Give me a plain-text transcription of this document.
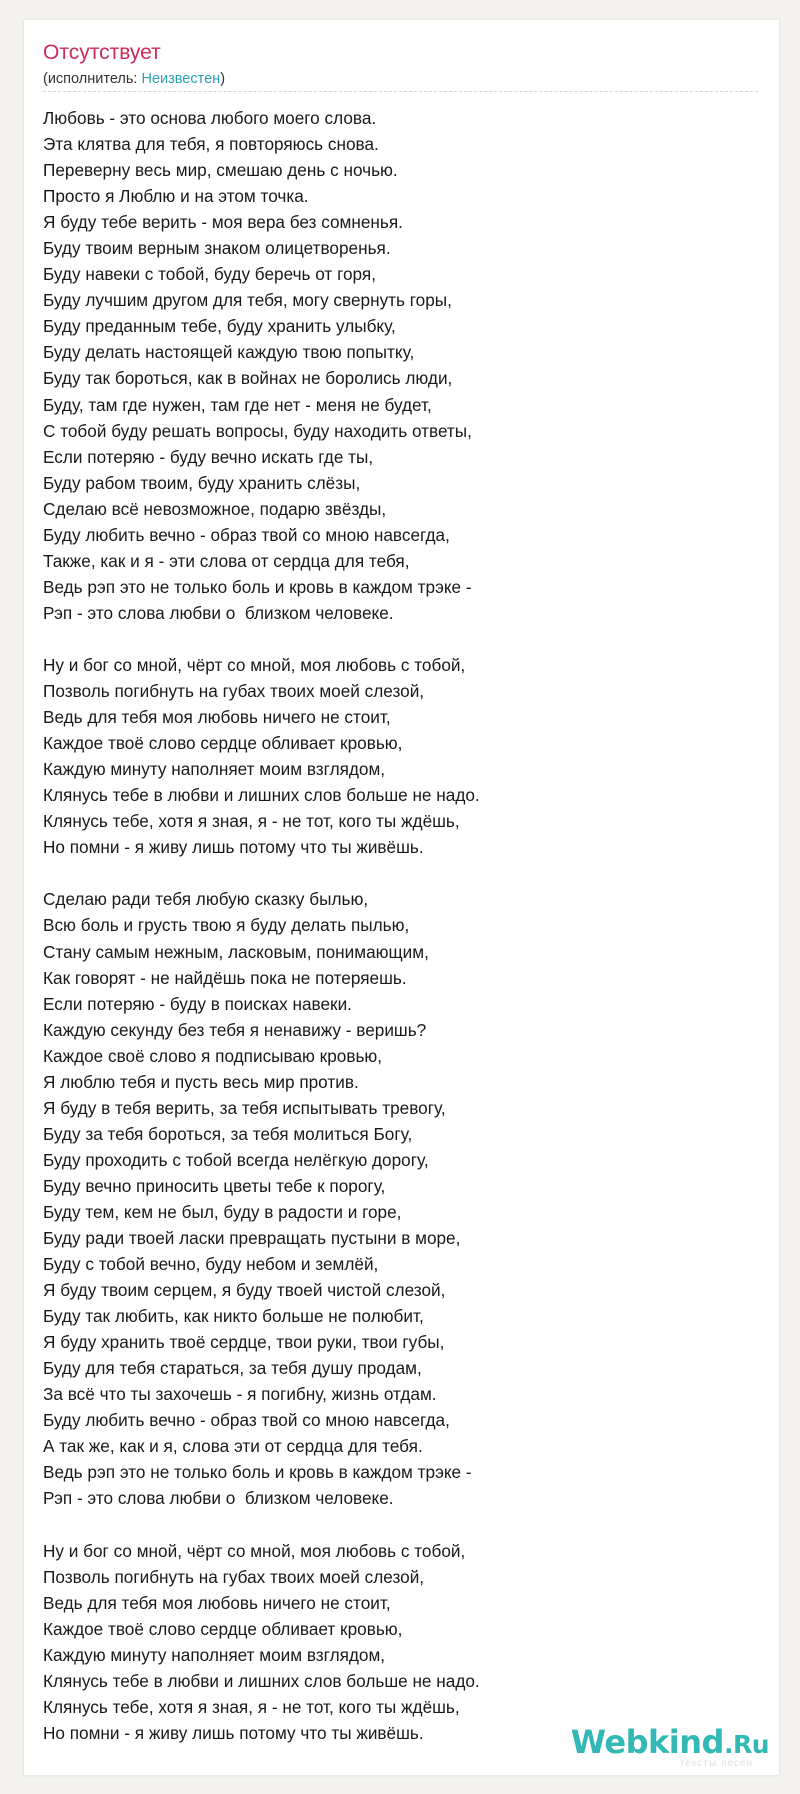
Отсутствует
(исполнитель: Неизвестен)
Любовь - это основа любого моего слова.
Эта клятва для тебя, я повторяюсь снова.
Переверну весь мир, смешаю день с ночью.
Просто я Люблю и на этом точка.
Я буду тебе верить - моя вера без сомненья.
Буду твоим верным знаком олицетворенья.
Буду навеки с тобой, буду беречь от горя,
Буду лучшим другом для тебя, могу свернуть горы,
Буду преданным тебе, буду хранить улыбку,
Буду делать настоящей каждую твою попытку,
Буду так бороться, как в войнах не боролись люди,
Буду, там где нужен, там где нет - меня не будет,
С тобой буду решать вопросы, буду находить ответы,
Если потеряю - буду вечно искать где ты,
Буду рабом твоим, буду хранить слёзы,
Сделаю всё невозможное, подарю звёзды,
Буду любить вечно - образ твой со мною навсегда,
Также, как и я - эти слова от сердца для тебя,
Ведь рэп это не только боль и кровь в каждом трэке -
Рэп - это слова любви о  близком человеке.
Ну и бог со мной, чёрт со мной, моя любовь с тобой,
Позволь погибнуть на губах твоих моей слезой,
Ведь для тебя моя любовь ничего не стоит,
Каждое твоё слово сердце обливает кровью,
Каждую минуту наполняет моим взглядом,
Клянусь тебе в любви и лишних слов больше не надо.
Клянусь тебе, хотя я зная, я - не тот, кого ты ждёшь,
Но помни - я живу лишь потому что ты живёшь.
Сделаю ради тебя любую сказку былью,
Всю боль и грусть твою я буду делать пылью,
Стану самым нежным, ласковым, понимающим,
Как говорят - не найдёшь пока не потеряешь.
Если потеряю - буду в поисках навеки.
Каждую секунду без тебя я ненавижу - веришь?
Каждое своё слово я подписываю кровью,
Я люблю тебя и пусть весь мир против.
Я буду в тебя верить, за тебя испытывать тревогу,
Буду за тебя бороться, за тебя молиться Богу,
Буду проходить с тобой всегда нелёгкую дорогу,
Буду вечно приносить цветы тебе к порогу,
Буду тем, кем не был, буду в радости и горе,
Буду ради твоей ласки превращать пустыни в море,
Буду с тобой вечно, буду небом и землёй,
Я буду твоим серцем, я буду твоей чистой слезой,
Буду так любить, как никто больше не полюбит,
Я буду хранить твоё сердце, твои руки, твои губы,
Буду для тебя стараться, за тебя душу продам,
За всё что ты захочешь - я погибну, жизнь отдам.
Буду любить вечно - образ твой со мною навсегда,
А так же, как и я, слова эти от сердца для тебя.
Ведь рэп это не только боль и кровь в каждом трэке -
Рэп - это слова любви о  близком человеке.
Ну и бог со мной, чёрт со мной, моя любовь с тобой,
Позволь погибнуть на губах твоих моей слезой,
Ведь для тебя моя любовь ничего не стоит,
Каждое твоё слово сердце обливает кровью,
Каждую минуту наполняет моим взглядом,
Клянусь тебе в любви и лишних слов больше не надо.
Клянусь тебе, хотя я зная, я - не тот, кого ты ждёшь,
Но помни - я живу лишь потому что ты живёшь.	Webkind.Ru
тексты песен
